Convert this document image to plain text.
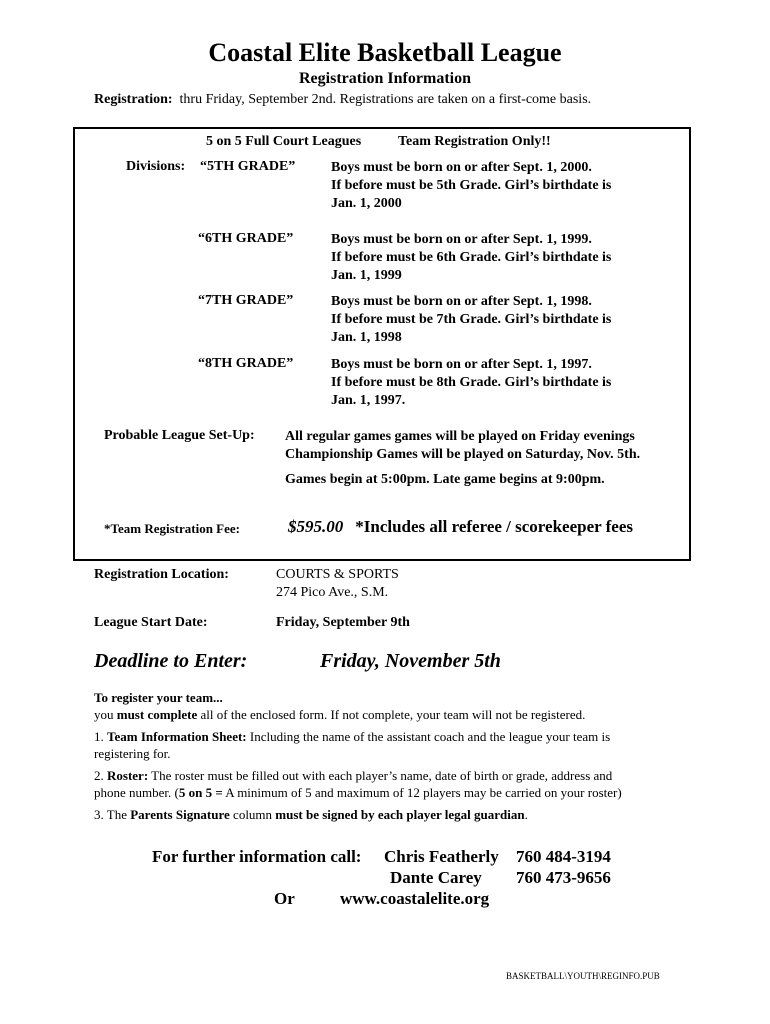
Coastal Elite Basketball League
Registration Information
Registration: thru Friday, September 2nd. Registrations are taken on a first-come basis.
5 on 5 Full Court Leagues	Team Registration Only!!
Divisions: “5TH GRADE”	Boys must be born on or after Sept. 1, 2000.
If before must be 5th Grade. Girl’s birthdate is
Jan. 1, 2000
“6TH GRADE”	Boys must be born on or after Sept. 1, 1999.
If before must be 6th Grade. Girl’s birthdate is
Jan. 1, 1999
“7TH GRADE”	Boys must be born on or after Sept. 1, 1998.
If before must be 7th Grade. Girl’s birthdate is
Jan. 1, 1998
“8TH GRADE”	Boys must be born on or after Sept. 1, 1997.
If before must be 8th Grade. Girl’s birthdate is
Jan. 1, 1997.
Probable League Set-Up: All regular games games will be played on Friday evenings
Championship Games will be played on Saturday, Nov. 5th.
Games begin at 5:00pm. Late game begins at 9:00pm.
*Team Registration Fee:	$595.00 *Includes all referee / scorekeeper fees
Registration Location:	COURTS & SPORTS
274 Pico Ave., S.M.
League Start Date:	Friday, September 9th
Deadline to Enter:	Friday, November 5th
To register your team...
you must complete all of the enclosed form. If not complete, your team will not be registered.
1. Team Information Sheet: Including the name of the assistant coach and the league your team is
registering for.
2. Roster: The roster must be filled out with each player’s name, date of birth or grade, address and
phone number. (5 on 5 = A minimum of 5 and maximum of 12 players may be carried on your roster)
3. The Parents Signature column must be signed by each player legal guardian.
For further information call: Chris Featherly 760 484-3194
Dante Carey 760 473-9656
Or	www.coastalelite.org
BASKETBALL\YOUTH\REGINFO.PUB
